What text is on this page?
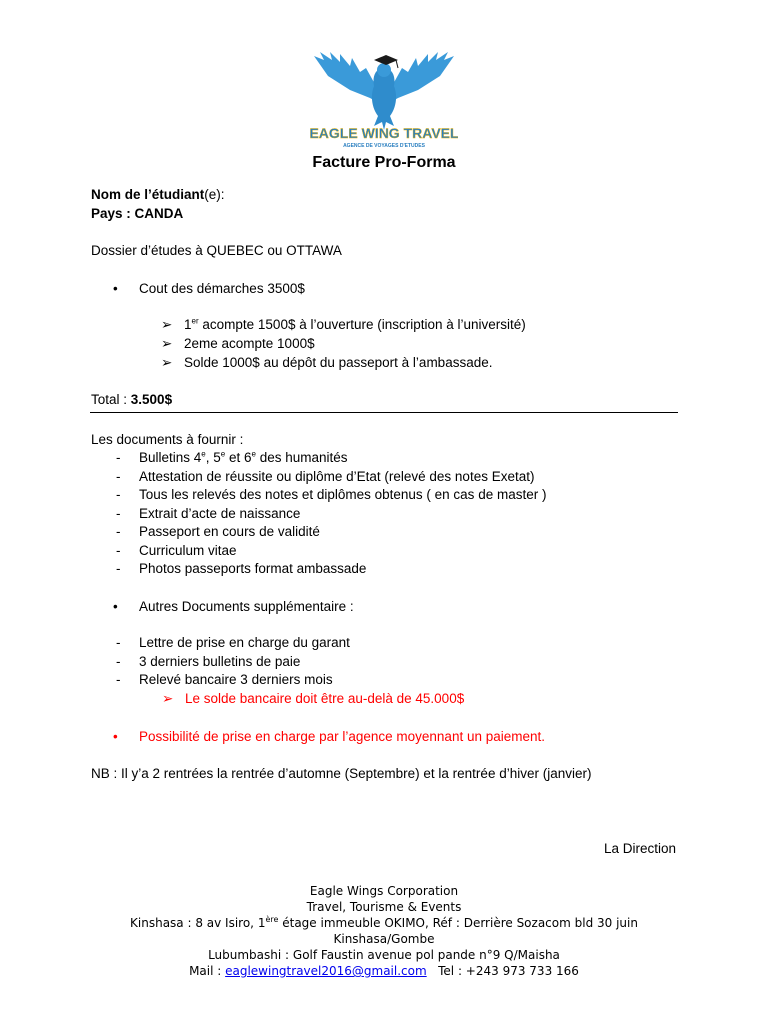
EAGLE WING TRAVEL
AGENCE DE VOYAGES D'ETUDES
Facture Pro-Forma
Nom de l’étudiant(e):
Pays : CANDA
Dossier d’études à QUEBEC ou OTTAWA
• Cout des démarches 3500$
➢ 1er acompte 1500$ à l’ouverture (inscription à l’université)
➢ 2eme acompte 1000$
➢ Solde 1000$ au dépôt du passeport à l’ambassade.
Total : 3.500$
Les documents à fournir :
- Bulletins 4e, 5e et 6e des humanités
- Attestation de réussite ou diplôme d’Etat (relevé des notes Exetat)
- Tous les relevés des notes et diplômes obtenus ( en cas de master )
- Extrait d’acte de naissance
- Passeport en cours de validité
- Curriculum vitae
- Photos passeports format ambassade
• Autres Documents supplémentaire :
- Lettre de prise en charge du garant
- 3 derniers bulletins de paie
- Relevé bancaire 3 derniers mois
➢ Le solde bancaire doit être au-delà de 45.000$
• Possibilité de prise en charge par l’agence moyennant un paiement.
NB : Il y’a 2 rentrées la rentrée d’automne (Septembre) et la rentrée d’hiver (janvier)
La Direction
Eagle Wings Corporation
Travel, Tourisme & Events
Kinshasa : 8 av Isiro, 1ère étage immeuble OKIMO, Réf : Derrière Sozacom bld 30 juin
Kinshasa/Gombe
Lubumbashi : Golf Faustin avenue pol pande n°9 Q/Maisha
Mail : eaglewingtravel2016@gmail.com Tel : +243 973 733 166
